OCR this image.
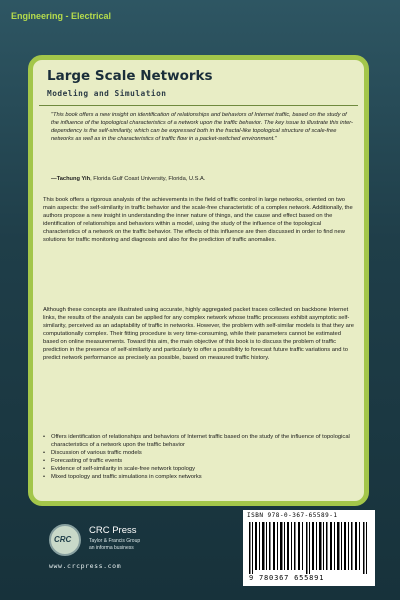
Engineering - Electrical
Large Scale Networks
Modeling and Simulation
"This book offers a new insight on identification of relationships and behaviors of Internet traffic, based on the study of the influence of the topological characteristics of a network upon the traffic behavior. The key issue to illustrate this inter-dependency is the self-similarity, which can be expressed both in the fractal-like topological structure of scale-free networks as well as in the characteristics of traffic flow in a packet-switched environment."
—Tachung Yih, Florida Gulf Coast University, Florida, U.S.A.
This book offers a rigorous analysis of the achievements in the field of traffic control in large networks, oriented on two main aspects: the self-similarity in traffic behavior and the scale-free characteristic of a complex network. Additionally, the authors propose a new insight in understanding the inner nature of things, and the cause and effect based on the identification of relationships and behaviors within a model, using the study of the influence of the topological characteristics of a network on the traffic behavior. The effects of this influence are then discussed in order to find new solutions for traffic monitoring and diagnosis and also for the prediction of traffic anomalies.
Although these concepts are illustrated using accurate, highly aggregated packet traces collected on backbone Internet links, the results of the analysis can be applied for any complex network whose traffic processes exhibit asymptotic self-similarity, perceived as an adaptability of traffic in networks. However, the problem with self-similar models is that they are computationally complex. Their fitting procedure is very time-consuming, while their parameters cannot be estimated based on online measurements. Toward this aim, the main objective of this book is to discuss the problem of traffic prediction in the presence of self-similarity and particularly to offer a possibility to forecast future traffic variations and to predict network performance as precisely as possible, based on measured traffic history.
• Offers identification of relationships and behaviors of Internet traffic based on the study of the influence of topological characteristics of a network upon the traffic behavior
• Discussion of various traffic models
• Forecasting of traffic events
• Evidence of self-similarity in scale-free network topology
• Mixed topology and traffic simulations in complex networks
CRC
CRC Press
Taylor & Francis Group
an informa business
www.crcpress.com
ISBN 978-0-367-65589-1
9 780367 655891
